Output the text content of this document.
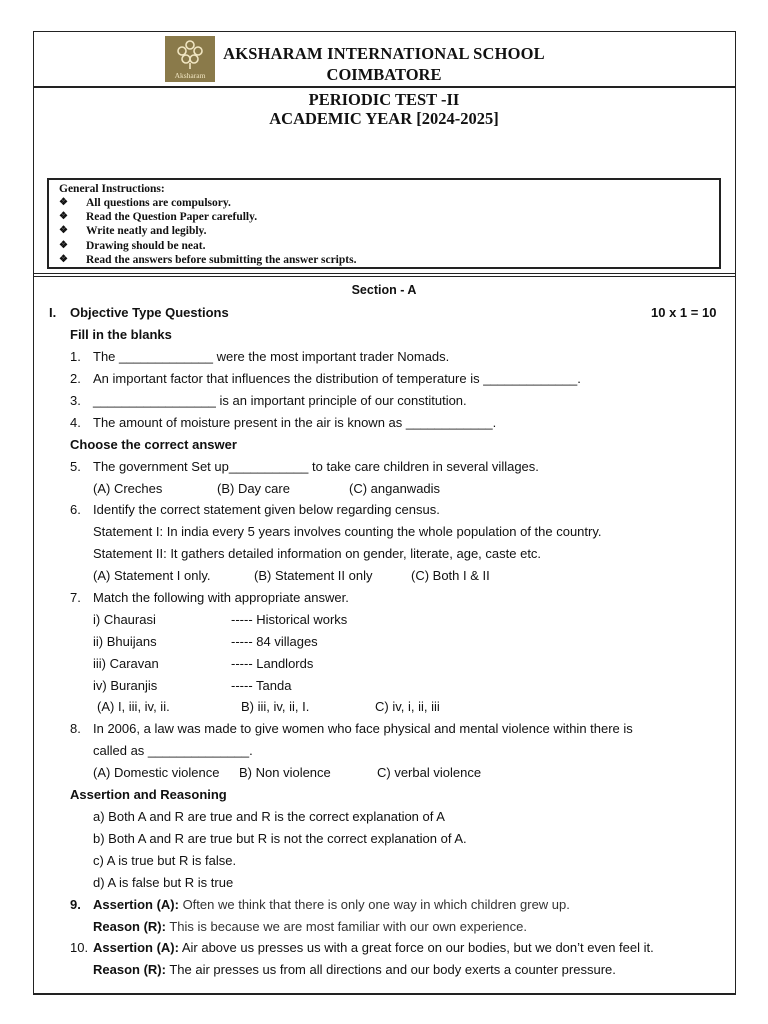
Aksharam
AKSHARAM INTERNATIONAL SCHOOL
COIMBATORE
PERIODIC TEST -II
ACADEMIC YEAR [2024-2025]
General Instructions:
❖	All questions are compulsory.
❖	Read the Question Paper carefully.
❖	Write neatly and legibly.
❖	Drawing should be neat.
❖	Read the answers before submitting the answer scripts.
Section - A
I. Objective Type Questions	10 x 1 = 10
Fill in the blanks
1. The _____________ were the most important trader Nomads.
2. An important factor that influences the distribution of temperature is _____________.
3. _________________ is an important principle of our constitution.
4. The amount of moisture present in the air is known as ____________.
Choose the correct answer
5. The government Set up___________ to take care children in several villages.
(A) Creches	(B) Day care	(C) anganwadis
6. Identify the correct statement given below regarding census.
Statement I: In india every 5 years involves counting the whole population of the country.
Statement II: It gathers detailed information on gender, literate, age, caste etc.
(A) Statement I only.	(B) Statement II only	(C) Both I & II
7. Match the following with appropriate answer.
i) Chaurasi	----- Historical works
ii) Bhuijans	----- 84 villages
iii) Caravan	----- Landlords
iv) Buranjis	----- Tanda
(A) I, iii, iv, ii.	B) iii, iv, ii, I.	C) iv, i, ii, iii
8. In 2006, a law was made to give women who face physical and mental violence within there is
called as ______________.
(A) Domestic violence B) Non violence	C) verbal violence
Assertion and Reasoning
a) Both A and R are true and R is the correct explanation of A
b) Both A and R are true but R is not the correct explanation of A.
c) A is true but R is false.
d) A is false but R is true
9. Assertion (A): Often we think that there is only one way in which children grew up.
Reason (R): This is because we are most familiar with our own experience.
10. Assertion (A): Air above us presses us with a great force on our bodies, but we don’t even feel it.
Reason (R): The air presses us from all directions and our body exerts a counter pressure.
